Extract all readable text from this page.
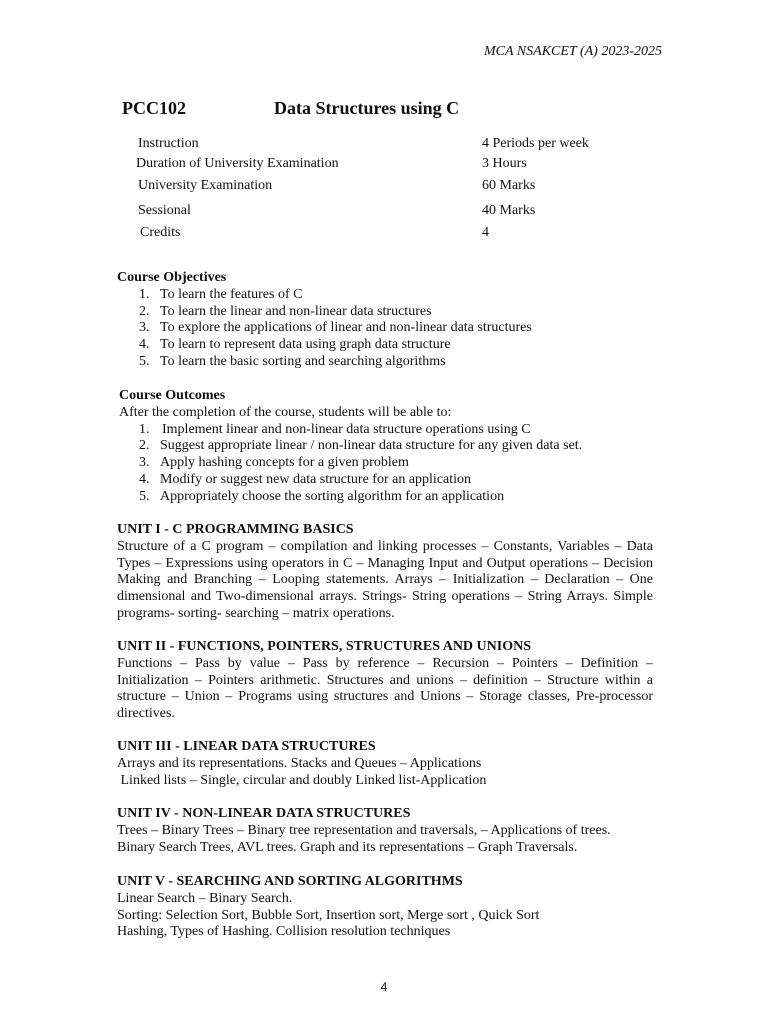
MCA NSAKCET (A) 2023-2025
PCC102	Data Structures using C
Instruction	4 Periods per week
Duration of University Examination	3 Hours
University Examination	60 Marks
Sessional	40 Marks
Credits	4
Course Objectives
1. To learn the features of C
2. To learn the linear and non-linear data structures
3. To explore the applications of linear and non-linear data structures
4. To learn to represent data using graph data structure
5. To learn the basic sorting and searching algorithms
Course Outcomes
After the completion of the course, students will be able to:
1. Implement linear and non-linear data structure operations using C
2. Suggest appropriate linear / non-linear data structure for any given data set.
3. Apply hashing concepts for a given problem
4. Modify or suggest new data structure for an application
5. Appropriately choose the sorting algorithm for an application
UNIT I - C PROGRAMMING BASICS
Structure of a C program – compilation and linking processes – Constants, Variables – Data Types – Expressions using operators in C – Managing Input and Output operations – Decision Making and Branching – Looping statements. Arrays – Initialization – Declaration – One dimensional and Two-dimensional arrays. Strings- String operations – String Arrays. Simple programs- sorting- searching – matrix operations.
UNIT II - FUNCTIONS, POINTERS, STRUCTURES AND UNIONS
Functions – Pass by value – Pass by reference – Recursion – Pointers – Definition – Initialization – Pointers arithmetic. Structures and unions – definition – Structure within a structure – Union – Programs using structures and Unions – Storage classes, Pre-processor directives.
UNIT III - LINEAR DATA STRUCTURES
Arrays and its representations. Stacks and Queues – Applications
Linked lists – Single, circular and doubly Linked list-Application
UNIT IV - NON-LINEAR DATA STRUCTURES
Trees – Binary Trees – Binary tree representation and traversals, – Applications of trees.
Binary Search Trees, AVL trees. Graph and its representations – Graph Traversals.
UNIT V - SEARCHING AND SORTING ALGORITHMS
Linear Search – Binary Search.
Sorting: Selection Sort, Bubble Sort, Insertion sort, Merge sort , Quick Sort
Hashing, Types of Hashing. Collision resolution techniques
4
